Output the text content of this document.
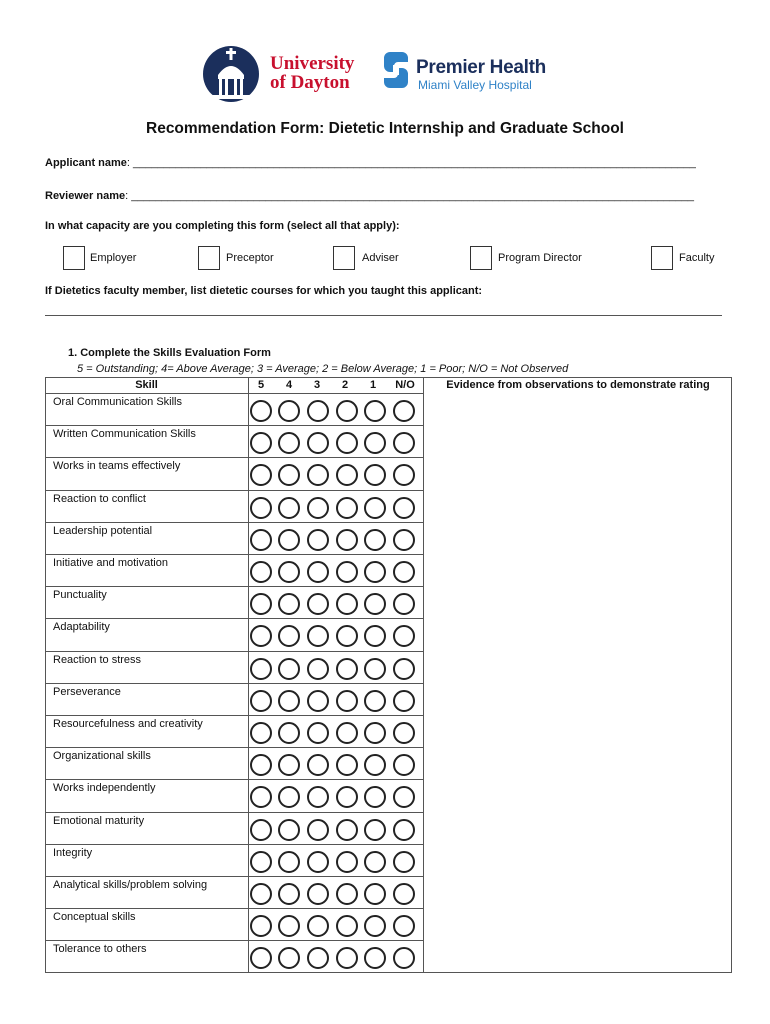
University
of Dayton
Premier Health
Miami Valley Hospital
Recommendation Form: Dietetic Internship and Graduate School
Applicant name: ____________________________________________________________________________________________
Reviewer name: ____________________________________________________________________________________________
In what capacity are you completing this form (select all that apply):
Employer	Preceptor	Adviser	Program Director	Faculty
If Dietetics faculty member, list dietetic courses for which you taught this applicant:
1. Complete the Skills Evaluation Form
5 = Outstanding; 4= Above Average; 3 = Average; 2 = Below Average; 1 = Poor; N/O = Not Observed
Skill	5	4	3	2	1	N/O	Evidence from observations to demonstrate rating
Oral Communication Skills
Written Communication Skills
Works in teams effectively
Reaction to conflict
Leadership potential
Initiative and motivation
Punctuality
Adaptability
Reaction to stress
Perseverance
Resourcefulness and creativity
Organizational skills
Works independently
Emotional maturity
Integrity
Analytical skills/problem solving
Conceptual skills
Tolerance to others
